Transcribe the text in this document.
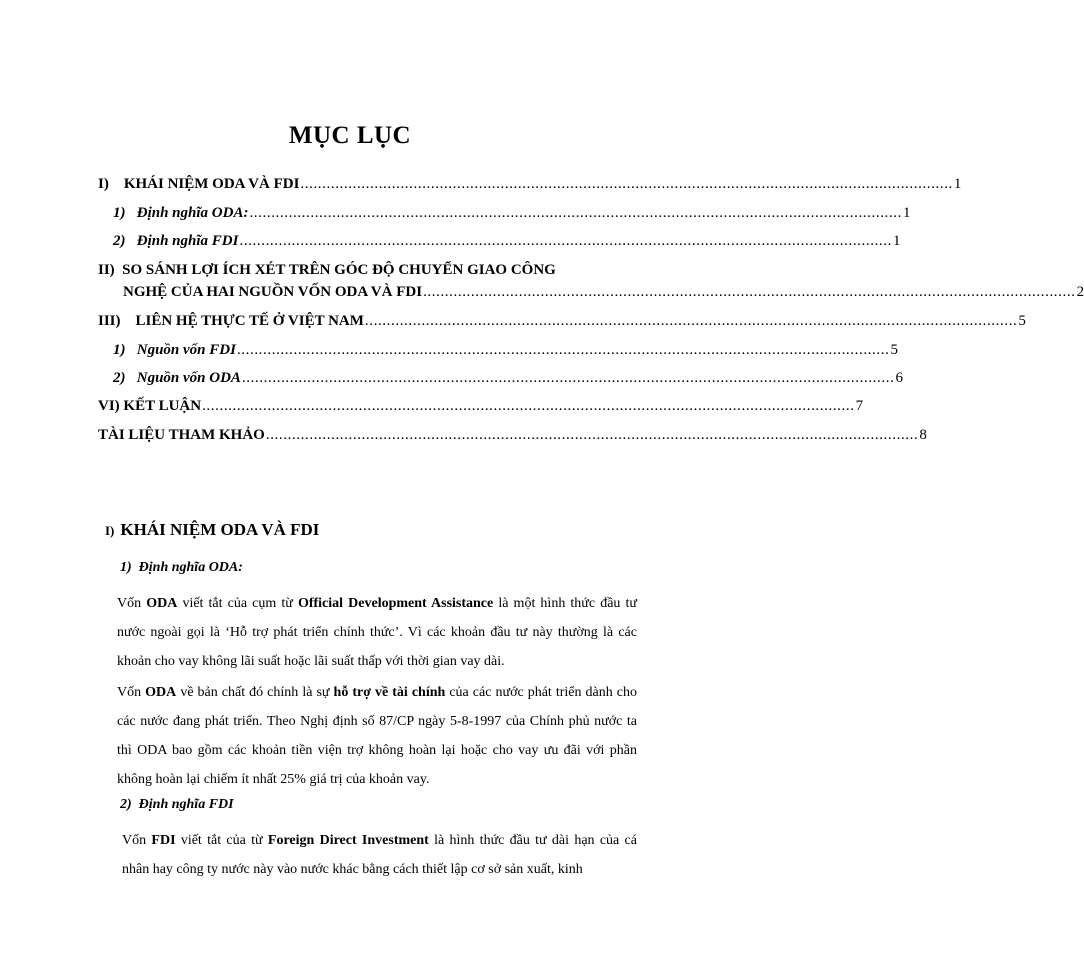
MỤC LỤC
I)    KHÁI NIỆM ODA VÀ FDI ...................................................................................................................................................... 1
1)   Định nghĩa ODA: ...................................................................................................................................................... 1
2)   Định nghĩa FDI ...................................................................................................................................................... 1
II)  SO SÁNH LỢI ÍCH XÉT TRÊN GÓC ĐỘ CHUYỂN GIAO CÔNG
NGHỆ CỦA HAI NGUỒN VỐN ODA VÀ FDI ...................................................................................................................................................... 2
III)    LIÊN HỆ THỰC TẾ Ở VIỆT NAM ...................................................................................................................................................... 5
1)   Nguồn vốn FDI ...................................................................................................................................................... 5
2)   Nguồn vốn ODA ...................................................................................................................................................... 6
VI) KẾT LUẬN ...................................................................................................................................................... 7
TÀI LIỆU THAM KHẢO ...................................................................................................................................................... 8
I) KHÁI NIỆM ODA VÀ FDI
1)  Định nghĩa ODA:

Vốn ODA viết tắt của cụm từ Official Development Assistance là một hình thức đầu tư nước ngoài gọi là ‘Hỗ trợ phát triển chính thức’. Vì các khoản đầu tư này thường là các khoản cho vay không lãi suất hoặc lãi suất thấp với thời gian vay dài.

Vốn ODA về bản chất đó chính là sự hỗ trợ về tài chính của các nước phát triển dành cho các nước đang phát triển. Theo Nghị định số 87/CP ngày 5-8-1997 của Chính phủ nước ta thì ODA bao gồm các khoản tiền viện trợ không hoàn lại hoặc cho vay ưu đãi với phần không hoàn lại chiếm ít nhất 25% giá trị của khoản vay.

2)  Định nghĩa FDI

Vốn FDI viết tắt của từ Foreign Direct Investment là hình thức đầu tư dài hạn của cá nhân hay công ty nước này vào nước khác bằng cách thiết lập cơ sở sản xuất, kinh
